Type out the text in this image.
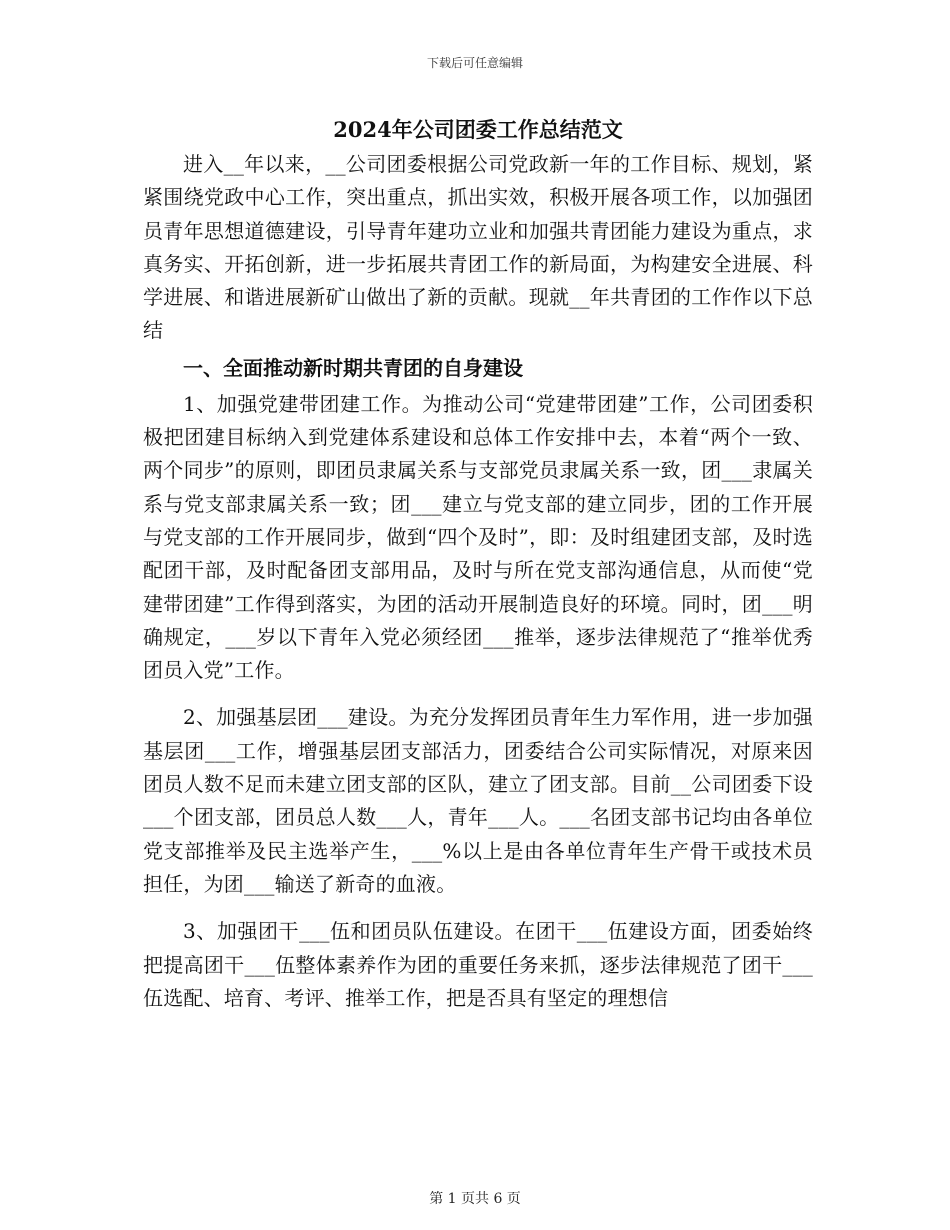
下载后可任意编辑
2024年公司团委工作总结范文

进入__年以来，__公司团委根据公司党政新一年的工作目标、规划，紧紧围绕党政中心工作，突出重点，抓出实效，积极开展各项工作，以加强团员青年思想道德建设，引导青年建功立业和加强共青团能力建设为重点，求真务实、开拓创新，进一步拓展共青团工作的新局面，为构建安全进展、科学进展、和谐进展新矿山做出了新的贡献。现就__年共青团的工作作以下总结

一、全面推动新时期共青团的自身建设

1、加强党建带团建工作。为推动公司“党建带团建”工作，公司团委积极把团建目标纳入到党建体系建设和总体工作安排中去，本着“两个一致、两个同步”的原则，即团员隶属关系与支部党员隶属关系一致，团___隶属关系与党支部隶属关系一致；团___建立与党支部的建立同步，团的工作开展与党支部的工作开展同步，做到“四个及时”，即：及时组建团支部，及时选配团干部，及时配备团支部用品，及时与所在党支部沟通信息，从而使“党建带团建”工作得到落实，为团的活动开展制造良好的环境。同时，团___明确规定，___岁以下青年入党必须经团___推举，逐步法律规范了“推举优秀团员入党”工作。

2、加强基层团___建设。为充分发挥团员青年生力军作用，进一步加强基层团___工作，增强基层团支部活力，团委结合公司实际情况，对原来因团员人数不足而未建立团支部的区队，建立了团支部。目前__公司团委下设___个团支部，团员总人数___人，青年___人。___名团支部书记均由各单位党支部推举及民主选举产生，___%以上是由各单位青年生产骨干或技术员担任，为团___输送了新奇的血液。

3、加强团干___伍和团员队伍建设。在团干___伍建设方面，团委始终把提高团干___伍整体素养作为团的重要任务来抓，逐步法律规范了团干___伍选配、培育、考评、推举工作，把是否具有坚定的理想信

第 1 页共 6 页
